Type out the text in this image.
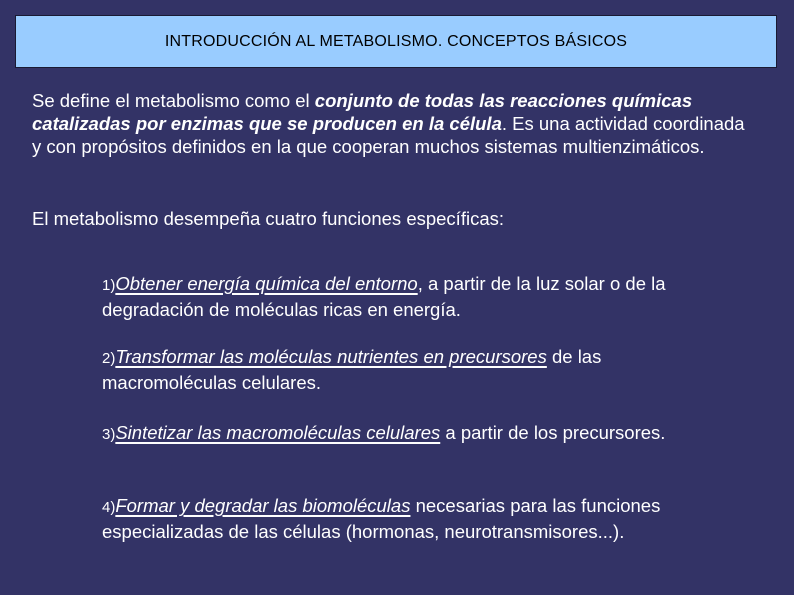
INTRODUCCIÓN AL METABOLISMO. CONCEPTOS BÁSICOS

Se define el metabolismo como el conjunto de todas las reacciones químicas catalizadas por enzimas que se producen en la célula. Es una actividad coordinada y con propósitos definidos en la que cooperan muchos sistemas multienzimáticos.

El metabolismo desempeña cuatro funciones específicas:

1)Obtener energía química del entorno, a partir de la luz solar o de la degradación de moléculas ricas en energía.

2)Transformar las moléculas nutrientes en precursores de las macromoléculas celulares.

3)Sintetizar las macromoléculas celulares a partir de los precursores.

4)Formar y degradar las biomoléculas necesarias para las funciones especializadas de las células (hormonas, neurotransmisores...).
